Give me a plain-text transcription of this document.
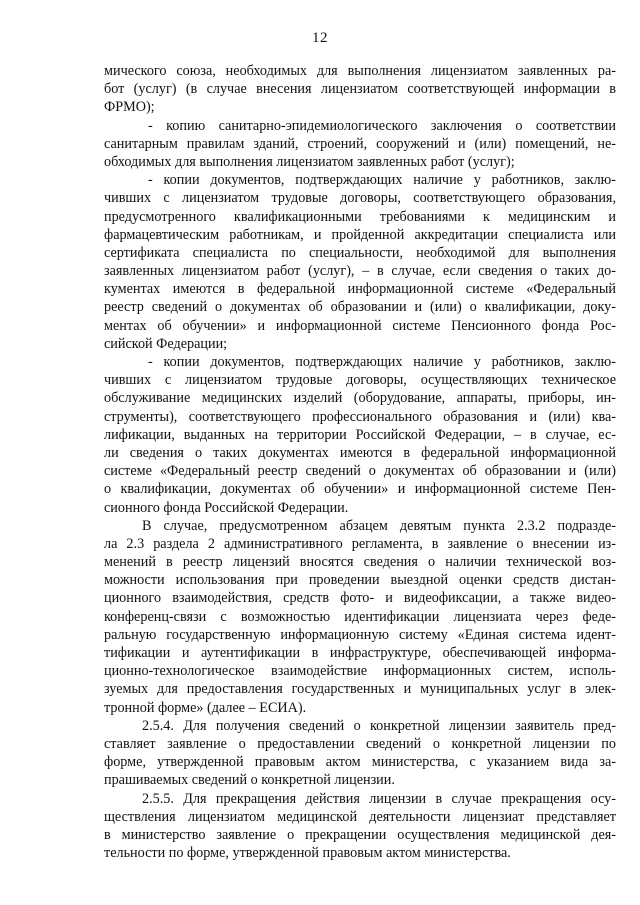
12
мического союза, необходимых для выполнения лицензиатом заявленных ра-
бот (услуг) (в случае внесения лицензиатом соответствующей информации в
ФРМО);
- копию санитарно-эпидемиологического заключения о соответствии
санитарным правилам зданий, строений, сооружений и (или) помещений, не-
обходимых для выполнения лицензиатом заявленных работ (услуг);
- копии документов, подтверждающих наличие у работников, заклю-
чивших с лицензиатом трудовые договоры, соответствующего образования,
предусмотренного квалификационными требованиями к медицинским и
фармацевтическим работникам, и пройденной аккредитации специалиста или
сертификата специалиста по специальности, необходимой для выполнения
заявленных лицензиатом работ (услуг), – в случае, если сведения о таких до-
кументах имеются в федеральной информационной системе «Федеральный
реестр сведений о документах об образовании и (или) о квалификации, доку-
ментах об обучении» и информационной системе Пенсионного фонда Рос-
сийской Федерации;
- копии документов, подтверждающих наличие у работников, заклю-
чивших с лицензиатом трудовые договоры, осуществляющих техническое
обслуживание медицинских изделий (оборудование, аппараты, приборы, ин-
струменты), соответствующего профессионального образования и (или) ква-
лификации, выданных на территории Российской Федерации, – в случае, ес-
ли сведения о таких документах имеются в федеральной информационной
системе «Федеральный реестр сведений о документах об образовании и (или)
о квалификации, документах об обучении» и информационной системе Пен-
сионного фонда Российской Федерации.
В случае, предусмотренном абзацем девятым пункта 2.3.2 подразде-
ла 2.3 раздела 2 административного регламента, в заявление о внесении из-
менений в реестр лицензий вносятся сведения о наличии технической воз-
можности использования при проведении выездной оценки средств дистан-
ционного взаимодействия, средств фото- и видеофиксации, а также видео-
конференц-связи с возможностью идентификации лицензиата через феде-
ральную государственную информационную систему «Единая система идент-
тификации и аутентификации в инфраструктуре, обеспечивающей информа-
ционно-технологическое взаимодействие информационных систем, исполь-
зуемых для предоставления государственных и муниципальных услуг в элек-
тронной форме» (далее – ЕСИА).
2.5.4. Для получения сведений о конкретной лицензии заявитель пред-
ставляет заявление о предоставлении сведений о конкретной лицензии по
форме, утвержденной правовым актом министерства, с указанием вида за-
прашиваемых сведений о конкретной лицензии.
2.5.5. Для прекращения действия лицензии в случае прекращения осу-
ществления лицензиатом медицинской деятельности лицензиат представляет
в министерство заявление о прекращении осуществления медицинской дея-
тельности по форме, утвержденной правовым актом министерства.
